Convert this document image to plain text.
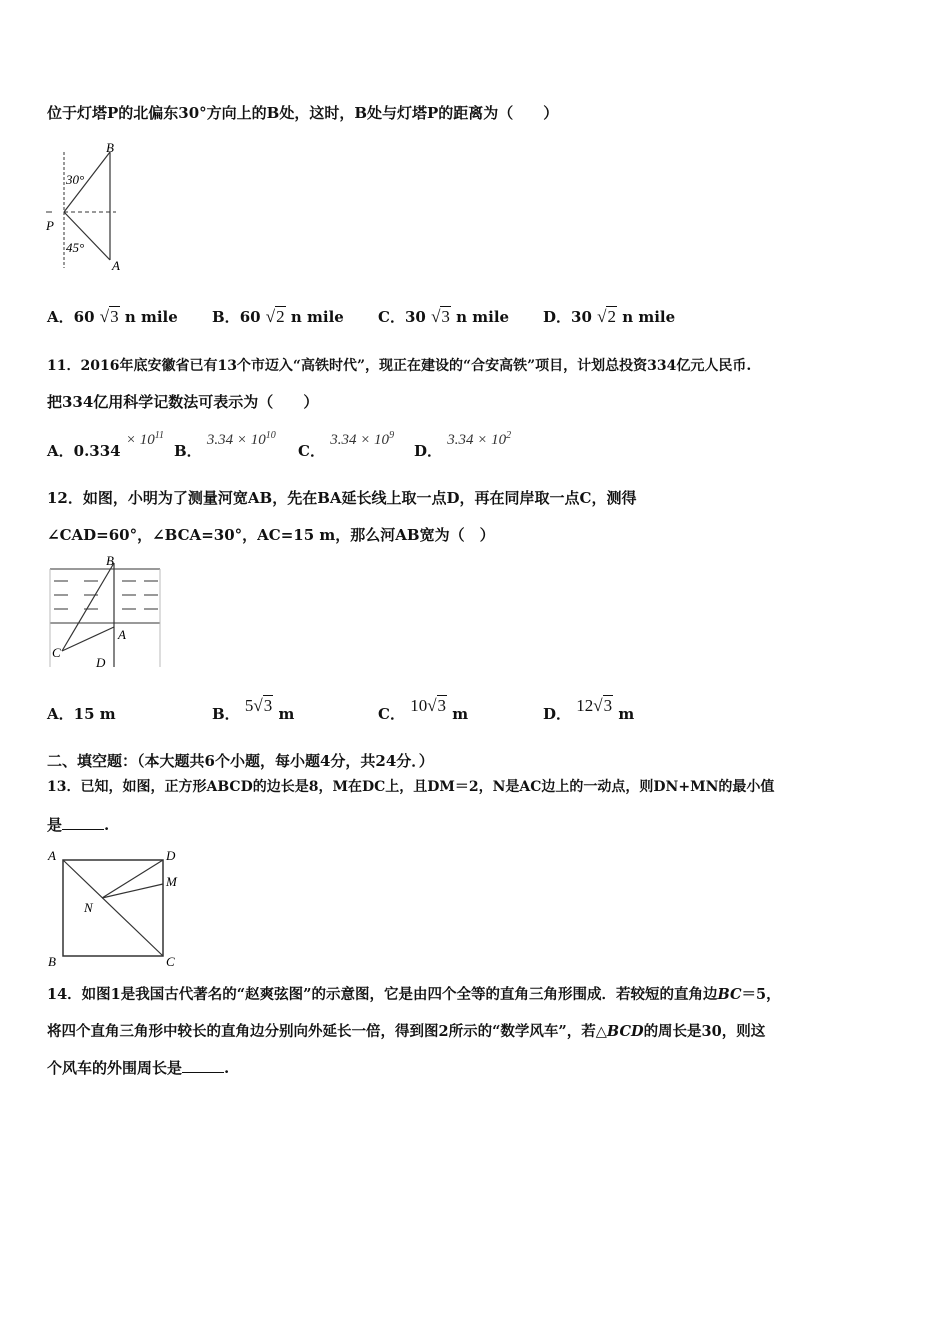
位于灯塔P的北偏东30°方向上的B处，这时，B处与灯塔P的距离为（　　）
B
P
A
30°
45°
A．60 √3 n mile B．60 √2 n mile C．30 √3 n mile D．30 √2 n mile
11．2016年底安徽省已有13个市迈入“高铁时代”，现正在建设的“合安高铁”项目，计划总投资334亿元人民币.
把334亿用科学记数法可表示为（　　）
A．$0.334 \times 10^{11}$
B． $3.34 \times 10^{10}$
C． $3.34 \times 10^9$
D． $3.34 \times 10^2$
12．如图，小明为了测量河宽AB，先在BA延长线上取一点D，再在同岸取一点C，测得
∠CAD=60°，∠BCA=30°，AC=15 m，那么河AB宽为（　）
B
A
C
D
A．15 m	B． 5√3 m	C． 10√3 m	D． 12√3 m
二、填空题：（本大题共6个小题，每小题4分，共24分．）
13．已知，如图，正方形ABCD的边长是8，M在DC上，且DM＝2，N是AC边上的一动点，则DN+MN的最小值
是	.
A	D
M
N
B	C
14．如图1是我国古代著名的“赵爽弦图”的示意图，它是由四个全等的直角三角形围成．若较短的直角边BC＝5，
将四个直角三角形中较长的直角边分别向外延长一倍，得到图2所示的“数学风车”，若△BCD的周长是30，则这
个风车的外围周长是	.
